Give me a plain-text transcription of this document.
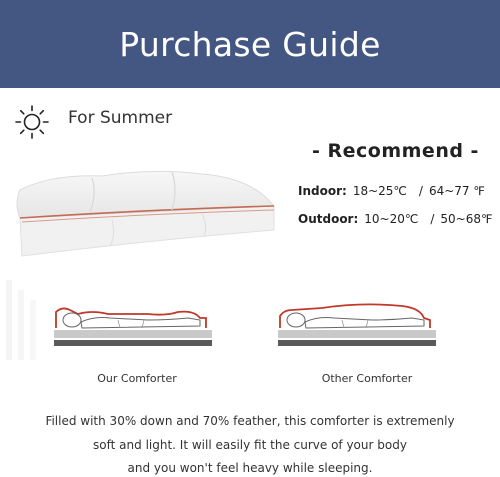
Purchase Guide
For Summer
- Recommend -
Indoor: 18~25℃ / 64~77 ℉
Outdoor: 10~20℃ / 50~68℉
Our Comforter	Other Comforter
Filled with 30% down and 70% feather, this comforter is extremenly
soft and light. It will easily fit the curve of your body
and you won't feel heavy while sleeping.
